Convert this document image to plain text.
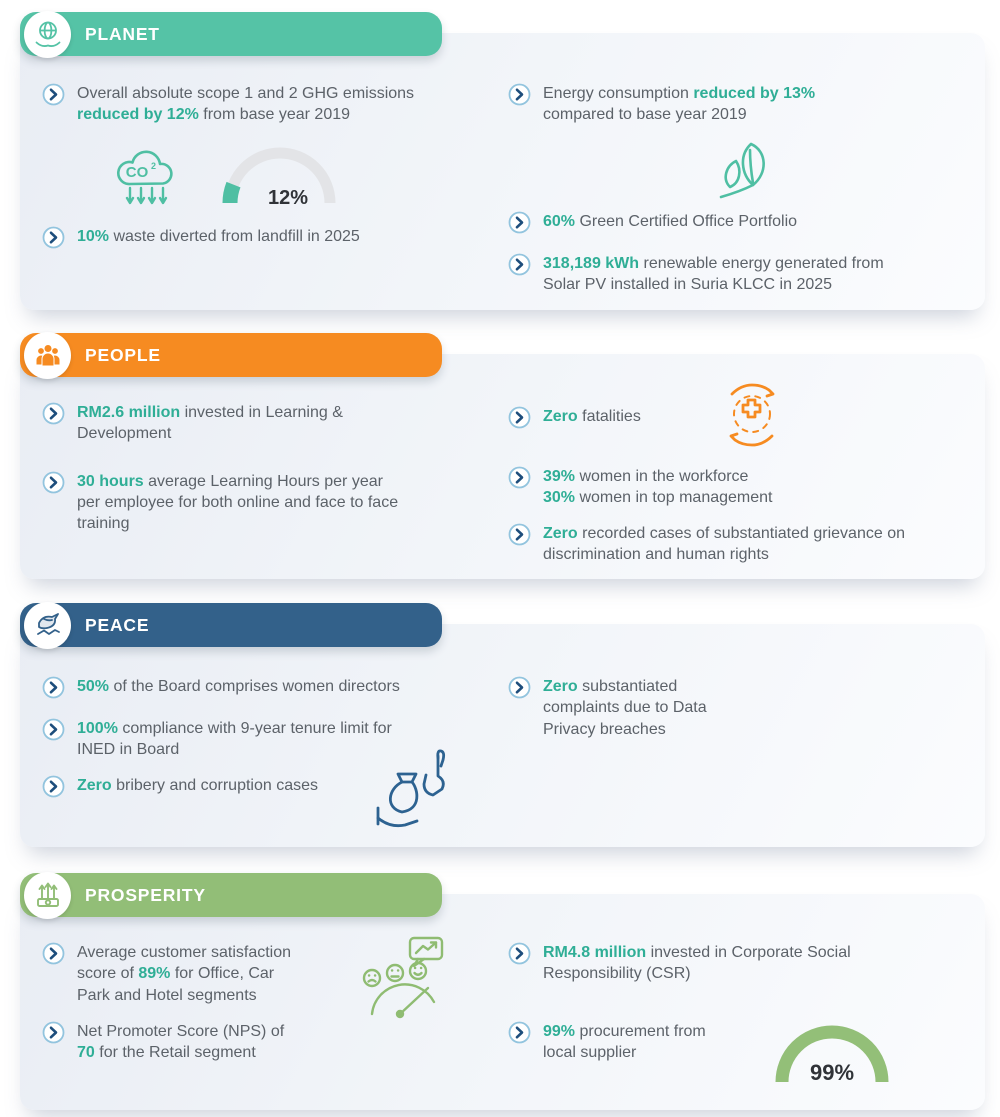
Overall absolute scope 1 and 2 GHG emissions reduced by 12% from base year 2019

CO 2
12%

10% waste diverted from landfill in 2025

Energy consumption reduced by 13% compared to base year 2019

60% Green Certified Office Portfolio

318,189 kWh renewable energy generated from Solar PV installed in Suria KLCC in 2025

PLANET

RM2.6 million invested in Learning & Development

30 hours average Learning Hours per year per employee for both online and face to face training

Zero fatalities

39% women in the workforce
30% women in top management

Zero recorded cases of substantiated grievance on discrimination and human rights

PEOPLE

50% of the Board comprises women directors

100% compliance with 9-year tenure limit for INED in Board

Zero bribery and corruption cases

Zero substantiated complaints due to Data Privacy breaches

PEACE

Average customer satisfaction score of 89% for Office, Car Park and Hotel segments

Net Promoter Score (NPS) of 70 for the Retail segment

RM4.8 million invested in Corporate Social Responsibility (CSR)

99% procurement from local supplier

99%
PROSPERITY
